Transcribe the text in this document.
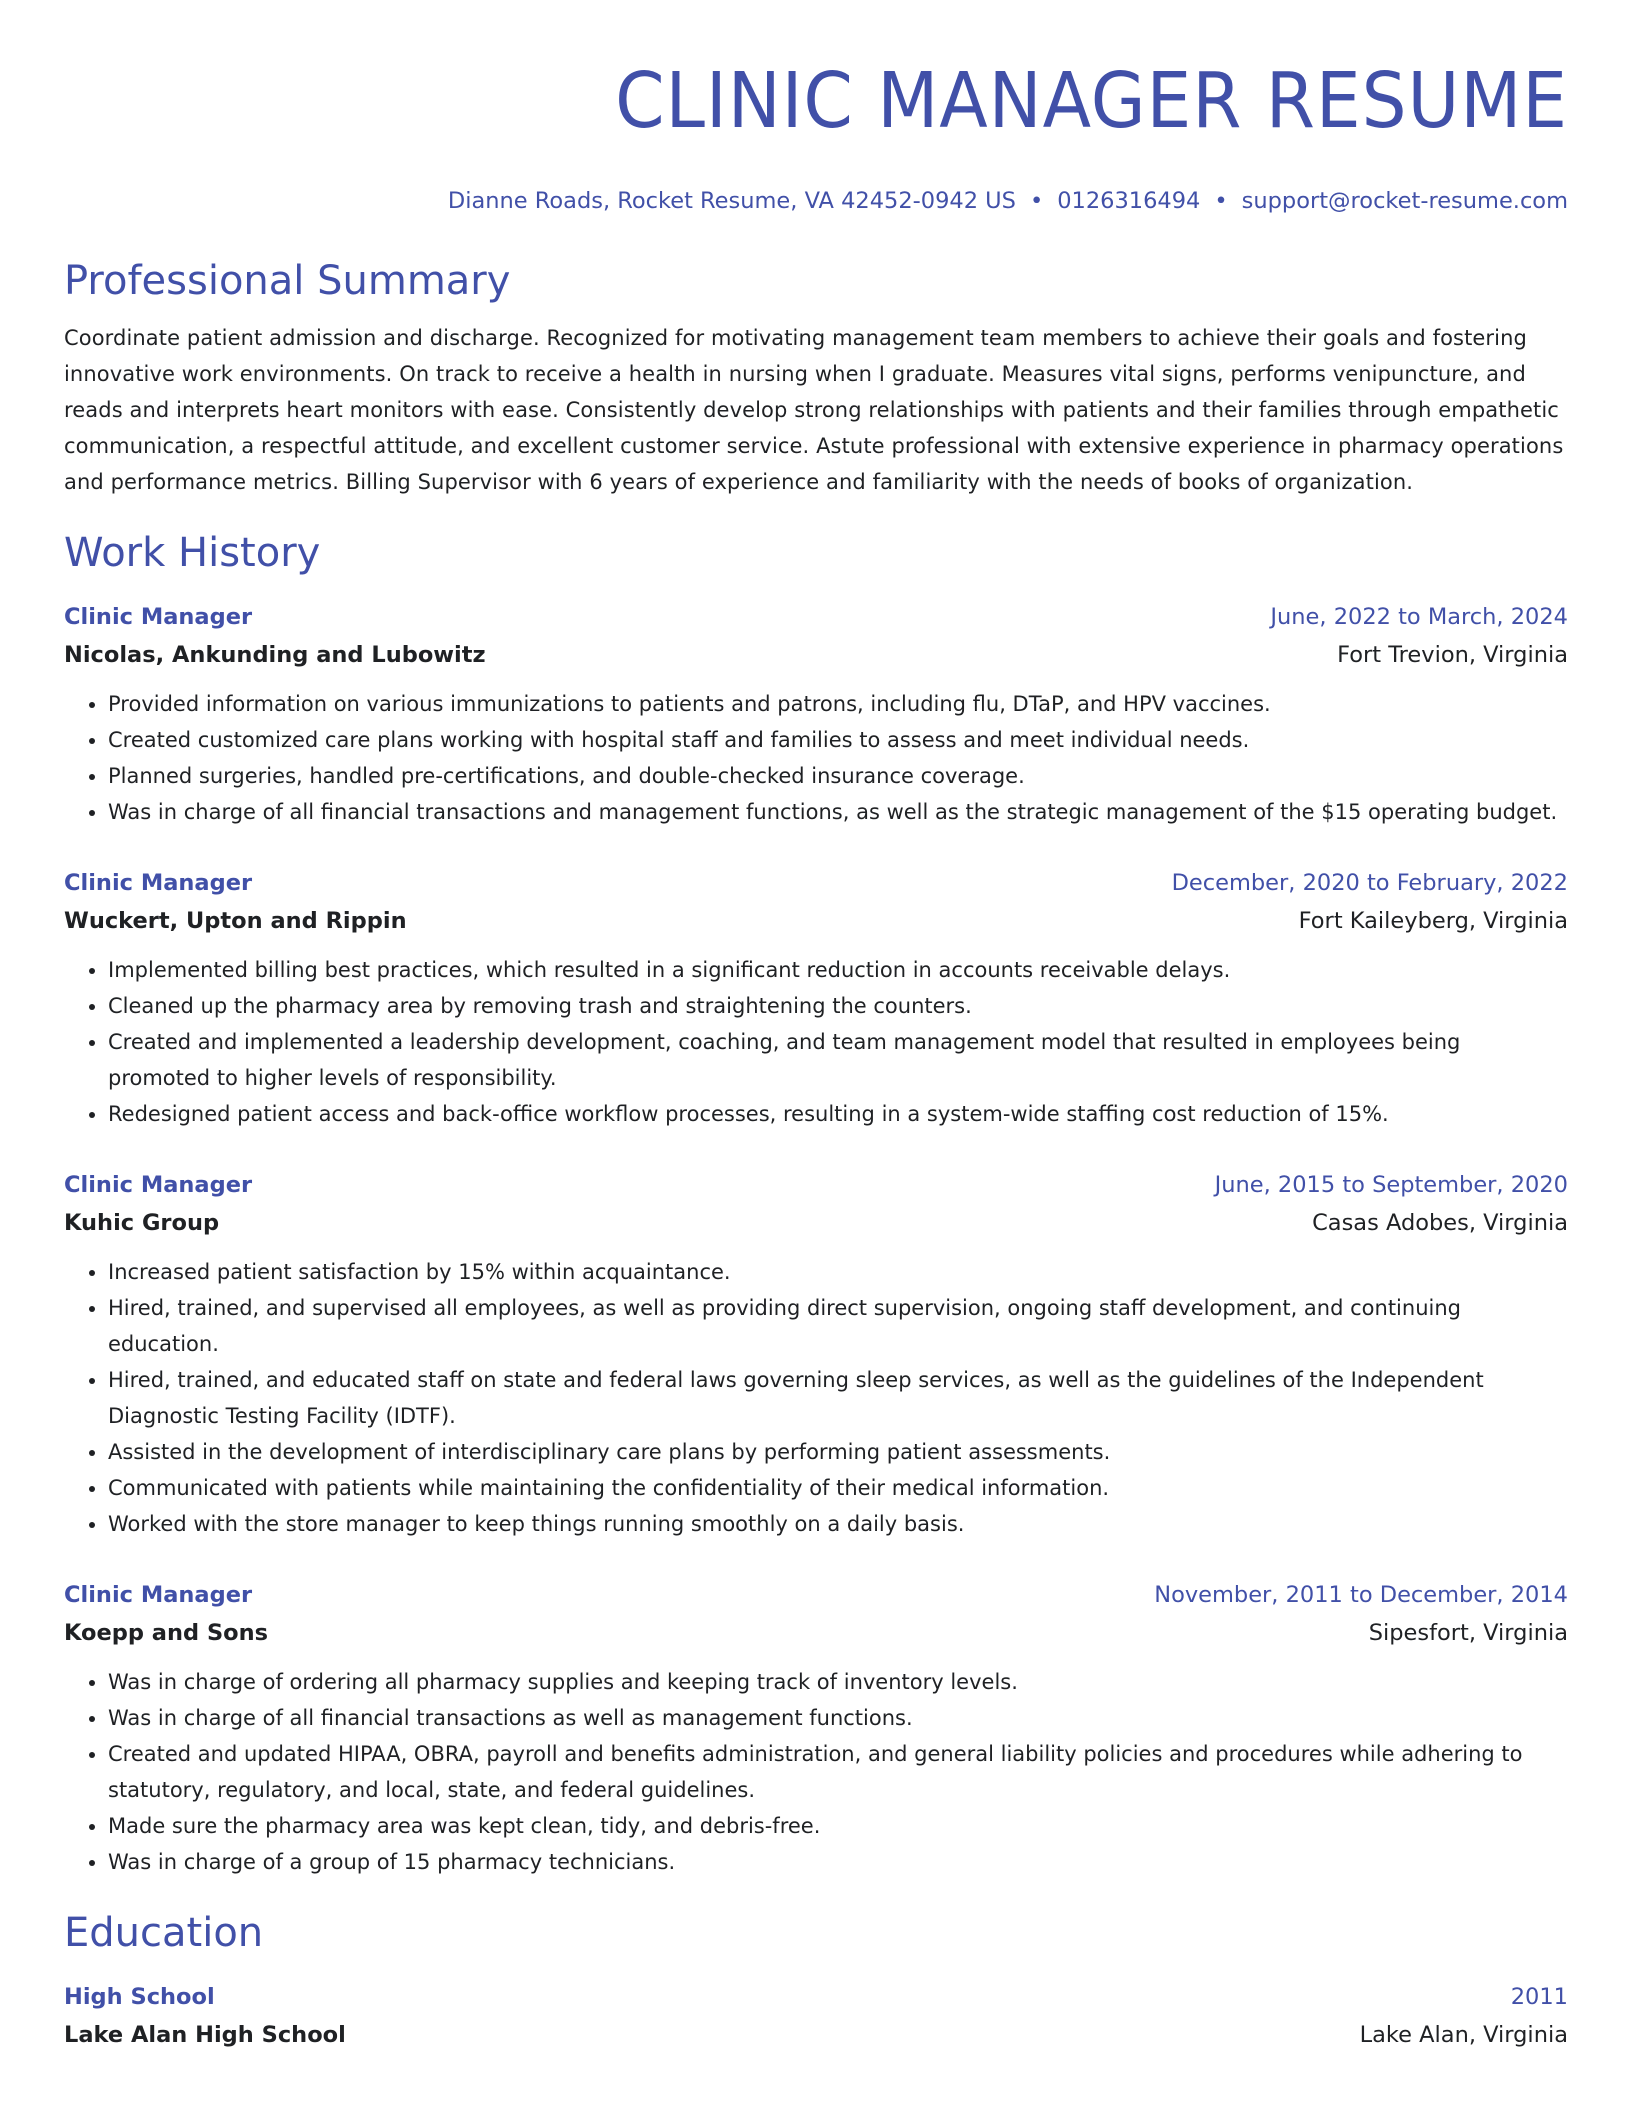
CLINIC MANAGER RESUME
Dianne Roads, Rocket Resume, VA 42452-0942 US • 0126316494 • support@rocket-resume.com
Professional Summary
Coordinate patient admission and discharge. Recognized for motivating management team members to achieve their goals and fostering innovative work environments. On track to receive a health in nursing when I graduate. Measures vital signs, performs venipuncture, and reads and interprets heart monitors with ease. Consistently develop strong relationships with patients and their families through empathetic communication, a respectful attitude, and excellent customer service. Astute professional with extensive experience in pharmacy operations and performance metrics. Billing Supervisor with 6 years of experience and familiarity with the needs of books of organization.
Work History
Clinic Manager	June, 2022 to March, 2024
Nicolas, Ankunding and Lubowitz	Fort Trevion, Virginia
• Provided information on various immunizations to patients and patrons, including flu, DTaP, and HPV vaccines.
• Created customized care plans working with hospital staff and families to assess and meet individual needs.
• Planned surgeries, handled pre-certifications, and double-checked insurance coverage.
• Was in charge of all financial transactions and management functions, as well as the strategic management of the $15 operating budget.
Clinic Manager	December, 2020 to February, 2022
Wuckert, Upton and Rippin	Fort Kaileyberg, Virginia
• Implemented billing best practices, which resulted in a significant reduction in accounts receivable delays.
• Cleaned up the pharmacy area by removing trash and straightening the counters.
• Created and implemented a leadership development, coaching, and team management model that resulted in employees being promoted to higher levels of responsibility.
• Redesigned patient access and back-office workflow processes, resulting in a system-wide staffing cost reduction of 15%.
Clinic Manager	June, 2015 to September, 2020
Kuhic Group	Casas Adobes, Virginia
• Increased patient satisfaction by 15% within acquaintance.
• Hired, trained, and supervised all employees, as well as providing direct supervision, ongoing staff development, and continuing education.
• Hired, trained, and educated staff on state and federal laws governing sleep services, as well as the guidelines of the Independent Diagnostic Testing Facility (IDTF).
• Assisted in the development of interdisciplinary care plans by performing patient assessments.
• Communicated with patients while maintaining the confidentiality of their medical information.
• Worked with the store manager to keep things running smoothly on a daily basis.
Clinic Manager	November, 2011 to December, 2014
Koepp and Sons	Sipesfort, Virginia
• Was in charge of ordering all pharmacy supplies and keeping track of inventory levels.
• Was in charge of all financial transactions as well as management functions.
• Created and updated HIPAA, OBRA, payroll and benefits administration, and general liability policies and procedures while adhering to statutory, regulatory, and local, state, and federal guidelines.
• Made sure the pharmacy area was kept clean, tidy, and debris-free.
• Was in charge of a group of 15 pharmacy technicians.
Education
High School	2011
Lake Alan High School	Lake Alan, Virginia
